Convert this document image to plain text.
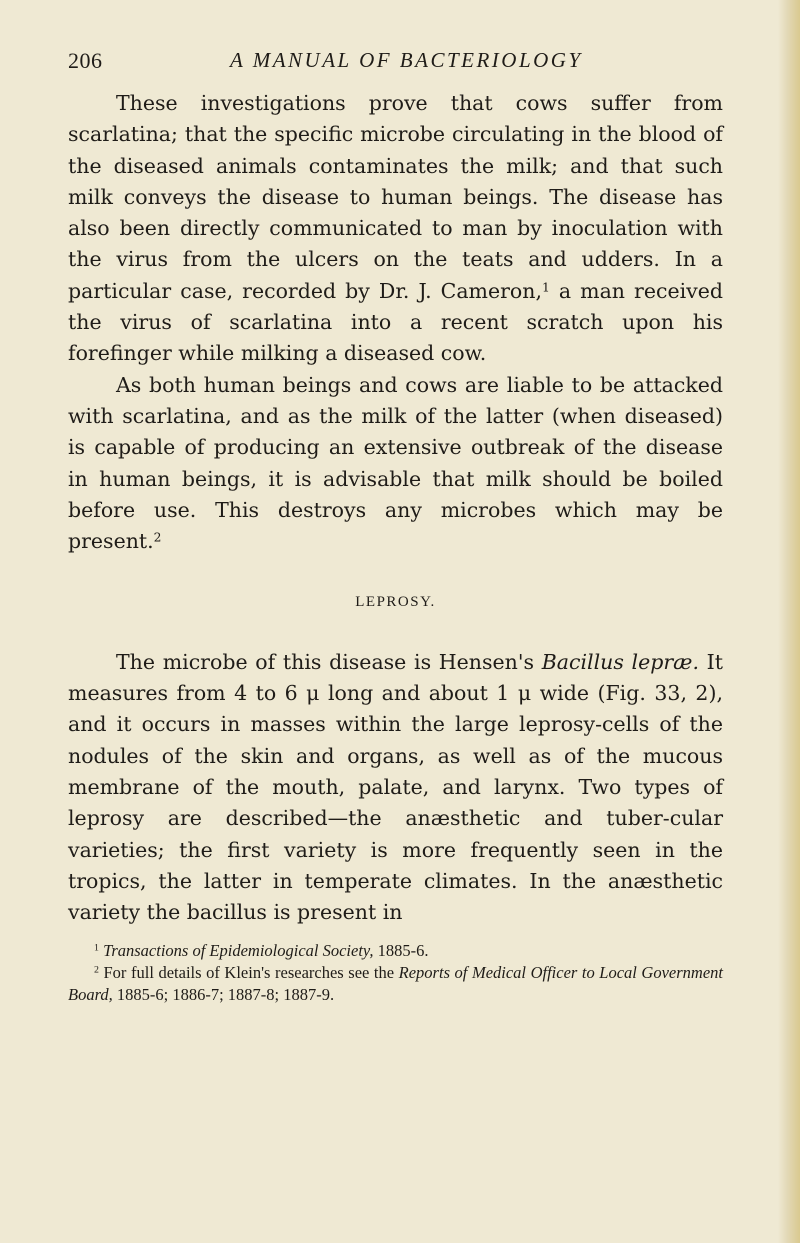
206	A MANUAL OF BACTERIOLOGY

These investigations prove that cows suffer from scarlatina; that the specific microbe circulating in the blood of the diseased animals contaminates the milk; and that such milk conveys the disease to human beings. The disease has also been directly communicated to man by inoculation with the virus from the ulcers on the teats and udders. In a particular case, recorded by Dr. J. Cameron,$^1$ a man received the virus of scarlatina into a recent scratch upon his forefinger while milking a diseased cow.

As both human beings and cows are liable to be attacked with scarlatina, and as the milk of the latter (when diseased) is capable of producing an extensive outbreak of the disease in human beings, it is advisable that milk should be boiled before use. This destroys any microbes which may be present.$^2$

LEPROSY.

The microbe of this disease is Hensen's Bacillus lepræ. It measures from 4 to 6 μ long and about 1 μ wide (Fig. 33, 2), and it occurs in masses within the large leprosy-cells of the nodules of the skin and organs, as well as of the mucous membrane of the mouth, palate, and larynx. Two types of leprosy are described—the anæsthetic and tuber-cular varieties; the first variety is more frequently seen in the tropics, the latter in temperate climates. In the anæsthetic variety the bacillus is present in

$^1$ Transactions of Epidemiological Society, 1885-6.

$^2$ For full details of Klein's researches see the Reports of Medical Officer to Local Government Board, 1885-6; 1886-7; 1887-8; 1887-9.
